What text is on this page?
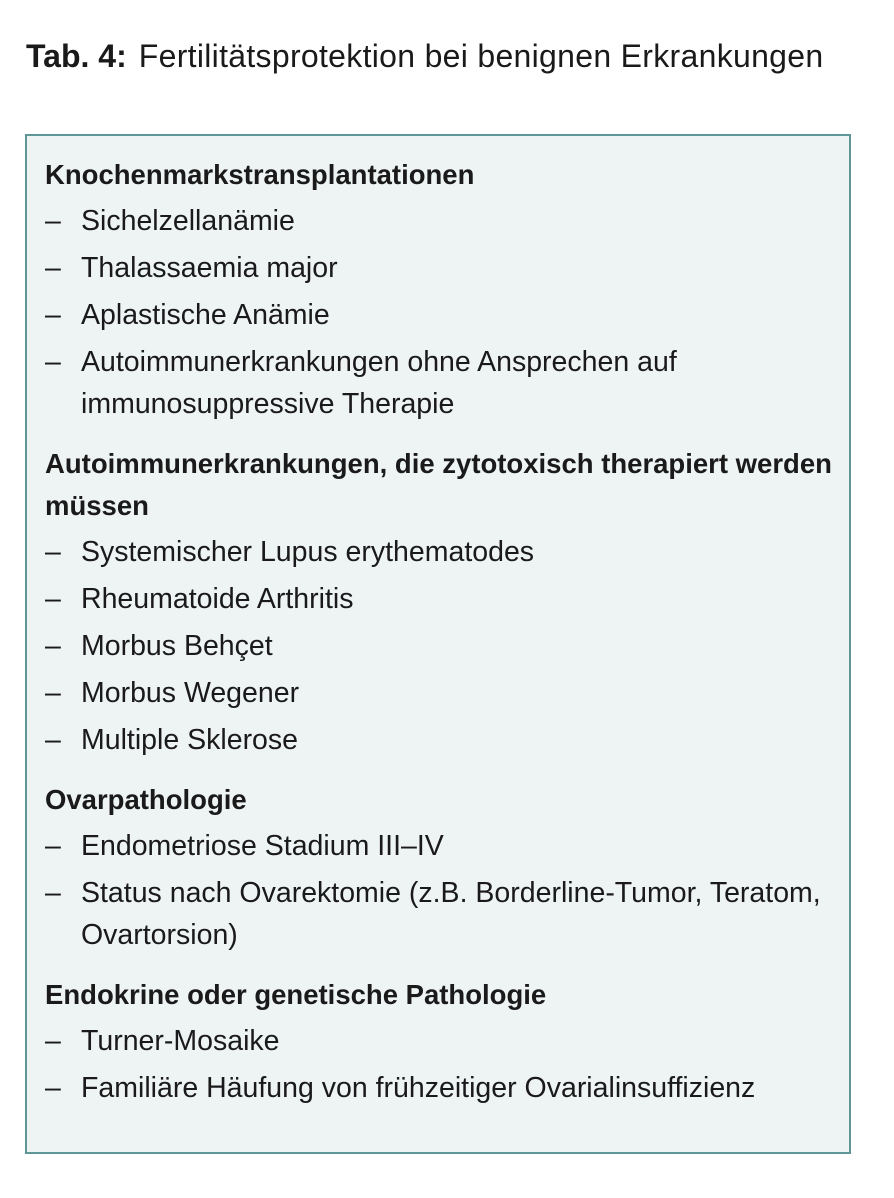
Tab. 4: Fertilitätsprotektion bei benignen Erkrankungen
Knochenmarkstransplantationen
– Sichelzellanämie
– Thalassaemia major
– Aplastische Anämie
– Autoimmunerkrankungen ohne Ansprechen auf immunosuppressive Therapie
Autoimmunerkrankungen, die zytotoxisch therapiert werden müssen
– Systemischer Lupus erythematodes
– Rheumatoide Arthritis
– Morbus Behçet
– Morbus Wegener
– Multiple Sklerose
Ovarpathologie
– Endometriose Stadium III–IV
– Status nach Ovarektomie (z.B. Borderline-Tumor, Teratom, Ovartorsion)
Endokrine oder genetische Pathologie
– Turner-Mosaike
– Familiäre Häufung von frühzeitiger Ovarialinsuffizienz
